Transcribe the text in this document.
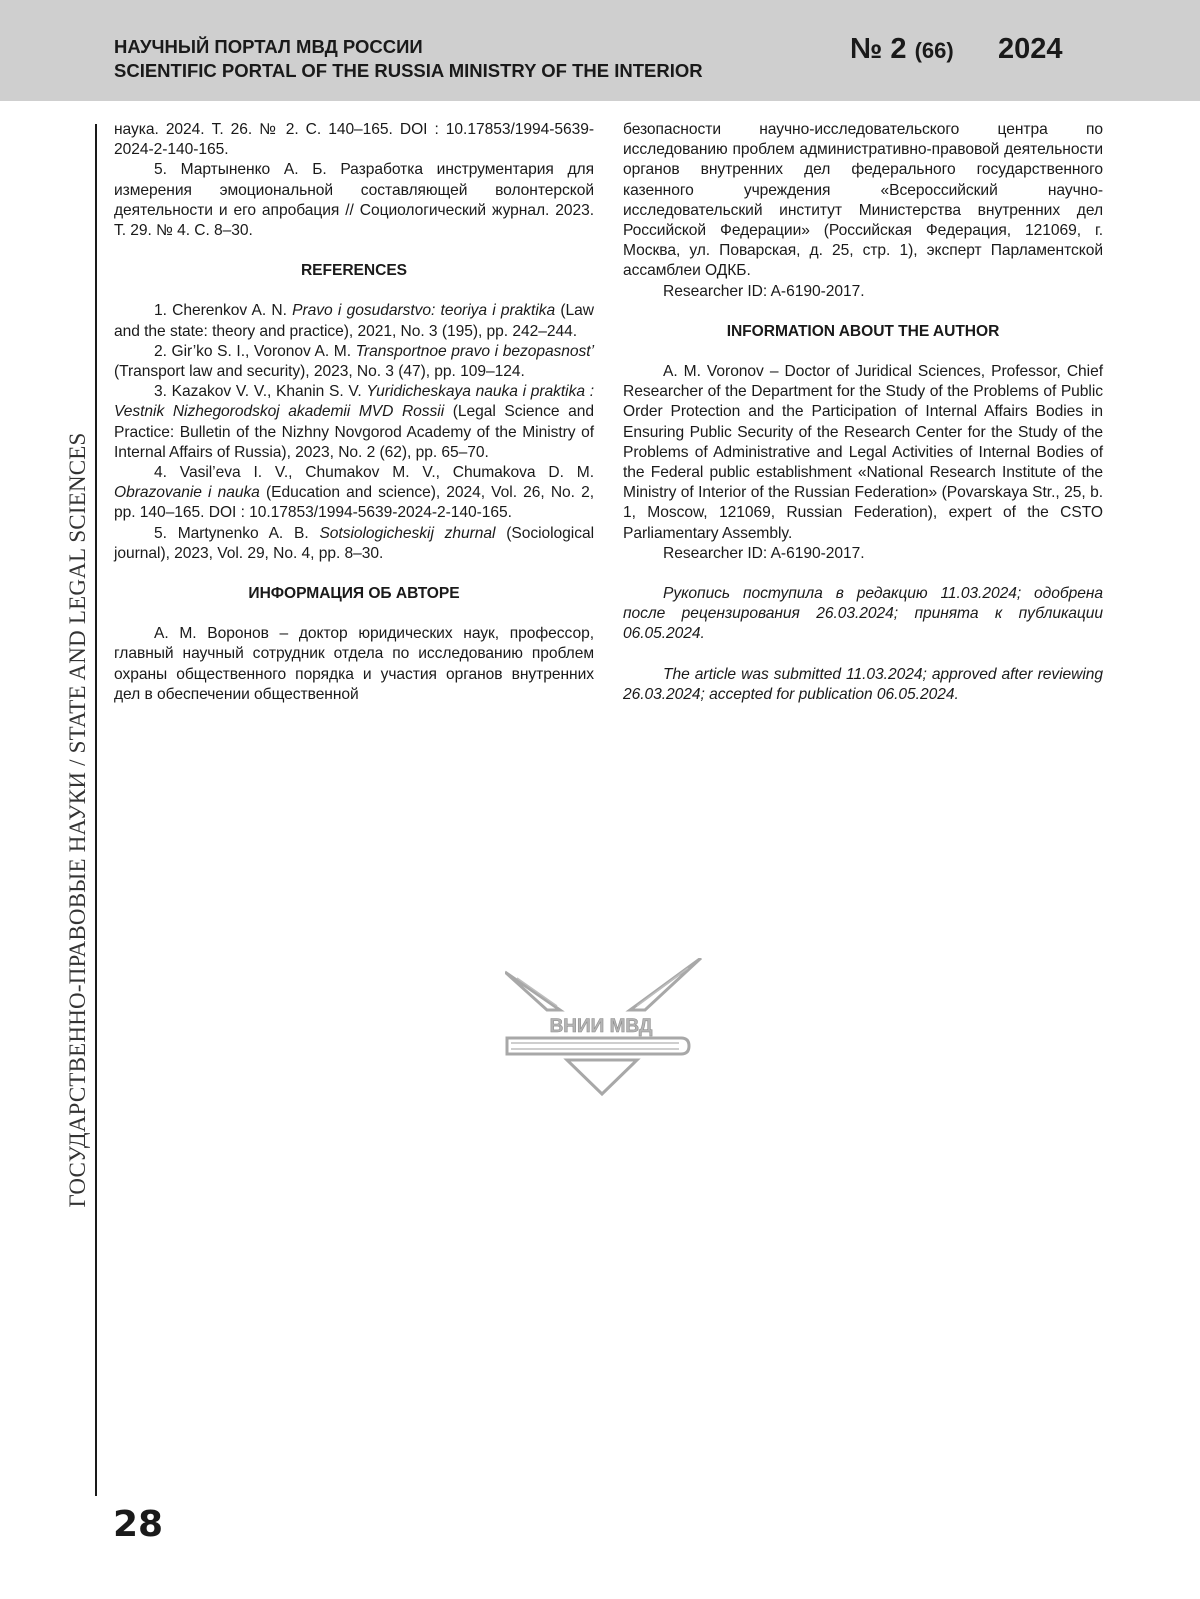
НАУЧНЫЙ ПОРТАЛ МВД РОССИИ
SCIENTIFIC PORTAL OF THE RUSSIA MINISTRY OF THE INTERIOR
№ 2 (66) 2024
ГОСУДАРСТВЕННО-ПРАВОВЫЕ НАУКИ / STATE AND LEGAL SCIENCES

наука. 2024. Т. 26. № 2. С. 140–165. DOI : 10.17853/1994-5639-2024-2-140-165.

5. Мартыненко А. Б. Разработка инструментария для измерения эмоциональной составляющей волонтерской деятельности и его апробация // Социологический журнал. 2023. Т. 29. № 4. С. 8–30.

REFERENCES

1. Cherenkov A. N. Pravo i gosudarstvo: teoriya i praktika (Law and the state: theory and practice), 2021, No. 3 (195), pp. 242–244.

2. Gir’ko S. I., Voronov A. M. Transportnoe pravo i bezopasnost’ (Transport law and security), 2023, No. 3 (47), pp. 109–124.

3. Kazakov V. V., Khanin S. V. Yuridicheskaya nauka i praktika : Vestnik Nizhegorodskoj akademii MVD Rossii (Legal Science and Practice: Bulletin of the Nizhny Novgorod Academy of the Ministry of Internal Affairs of Russia), 2023, No. 2 (62), pp. 65–70.

4. Vasil’eva I. V., Chumakov M. V., Chumakova D. M. Obrazovanie i nauka (Education and science), 2024, Vol. 26, No. 2, pp. 140–165. DOI : 10.17853/1994-5639-2024-2-140-165.

5. Martynenko A. B. Sotsiologicheskij zhurnal (Sociological journal), 2023, Vol. 29, No. 4, pp. 8–30.

ИНФОРМАЦИЯ ОБ АВТОРЕ

А. М. Воронов – доктор юридических наук, профессор, главный научный сотрудник отдела по исследованию проблем охраны общественного порядка и участия органов внутренних дел в обеспечении общественной

безопасности научно-исследовательского центра по исследованию проблем административно-правовой деятельности органов внутренних дел федерального государственного казенного учреждения «Всероссийский научно-исследовательский институт Министерства внутренних дел Российской Федерации» (Российская Федерация, 121069, г. Москва, ул. Поварская, д. 25, стр. 1), эксперт Парламентской ассамблеи ОДКБ.

Researcher ID: A-6190-2017.

INFORMATION ABOUT THE AUTHOR

A. M. Voronov – Doctor of Juridical Sciences, Professor, Chief Researcher of the Department for the Study of the Problems of Public Order Protection and the Participation of Internal Affairs Bodies in Ensuring Public Security of the Research Center for the Study of the Problems of Administrative and Legal Activities of Internal Bodies of the Federal public establishment «National Research Institute of the Ministry of Interior of the Russian Federation» (Povarskaya Str., 25, b. 1, Moscow, 121069, Russian Federation), expert of the CSTO Parliamentary Assembly.

Researcher ID: A-6190-2017.

Рукопись поступила в редакцию 11.03.2024; одобрена после рецензирования 26.03.2024; принята к публикации 06.05.2024.

The article was submitted 11.03.2024; approved after reviewing 26.03.2024; accepted for publication 06.05.2024.

ВНИИ МВД
28
